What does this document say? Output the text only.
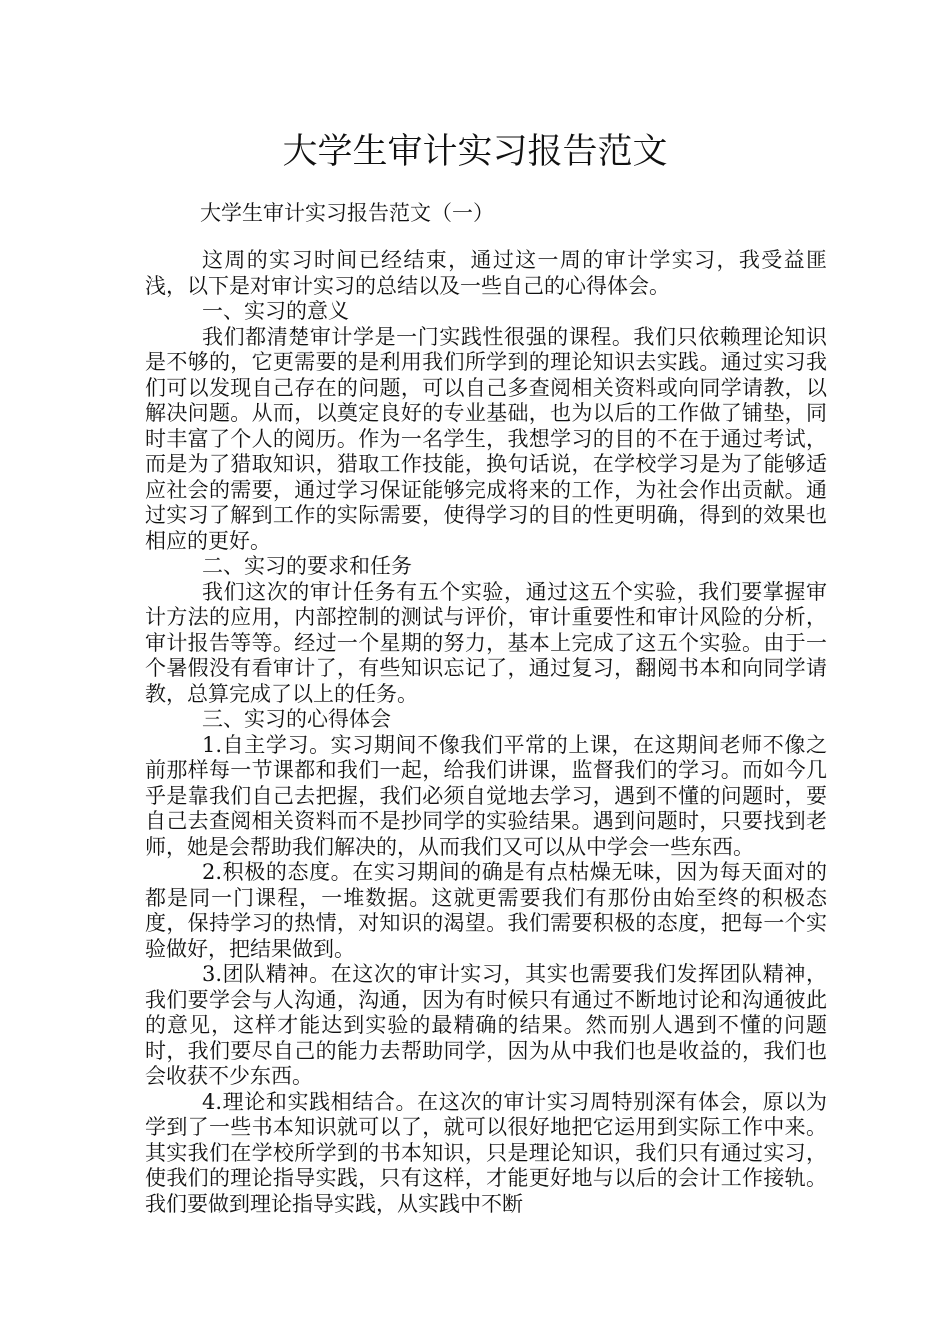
大学生审计实习报告范文
大学生审计实习报告范文（一）

这周的实习时间已经结束，通过这一周的审计学实习，我受益匪浅，以下是对审计实习的总结以及一些自己的心得体会。

一、实习的意义

我们都清楚审计学是一门实践性很强的课程。我们只依赖理论知识是不够的，它更需要的是利用我们所学到的理论知识去实践。通过实习我们可以发现自己存在的问题，可以自己多查阅相关资料或向同学请教，以解决问题。从而，以奠定良好的专业基础，也为以后的工作做了铺垫，同时丰富了个人的阅历。作为一名学生，我想学习的目的不在于通过考试，而是为了猎取知识，猎取工作技能，换句话说，在学校学习是为了能够适应社会的需要，通过学习保证能够完成将来的工作，为社会作出贡献。通过实习了解到工作的实际需要，使得学习的目的性更明确，得到的效果也相应的更好。

二、实习的要求和任务

我们这次的审计任务有五个实验，通过这五个实验，我们要掌握审计方法的应用，内部控制的测试与评价，审计重要性和审计风险的分析，审计报告等等。经过一个星期的努力，基本上完成了这五个实验。由于一个暑假没有看审计了，有些知识忘记了，通过复习，翻阅书本和向同学请教，总算完成了以上的任务。

三、实习的心得体会

1.自主学习。实习期间不像我们平常的上课，在这期间老师不像之前那样每一节课都和我们一起，给我们讲课，监督我们的学习。而如今几乎是靠我们自己去把握，我们必须自觉地去学习，遇到不懂的问题时，要自己去查阅相关资料而不是抄同学的实验结果。遇到问题时，只要找到老师，她是会帮助我们解决的，从而我们又可以从中学会一些东西。

2.积极的态度。在实习期间的确是有点枯燥无味，因为每天面对的都是同一门课程，一堆数据。这就更需要我们有那份由始至终的积极态度，保持学习的热情，对知识的渴望。我们需要积极的态度，把每一个实验做好，把结果做到。

3.团队精神。在这次的审计实习，其实也需要我们发挥团队精神，我们要学会与人沟通，沟通，因为有时候只有通过不断地讨论和沟通彼此的意见，这样才能达到实验的最精确的结果。然而别人遇到不懂的问题时，我们要尽自己的能力去帮助同学，因为从中我们也是收益的，我们也会收获不少东西。

4.理论和实践相结合。在这次的审计实习周特别深有体会，原以为学到了一些书本知识就可以了，就可以很好地把它运用到实际工作中来。其实我们在学校所学到的书本知识，只是理论知识，我们只有通过实习，使我们的理论指导实践，只有这样，才能更好地与以后的会计工作接轨。我们要做到理论指导实践，从实践中不断
